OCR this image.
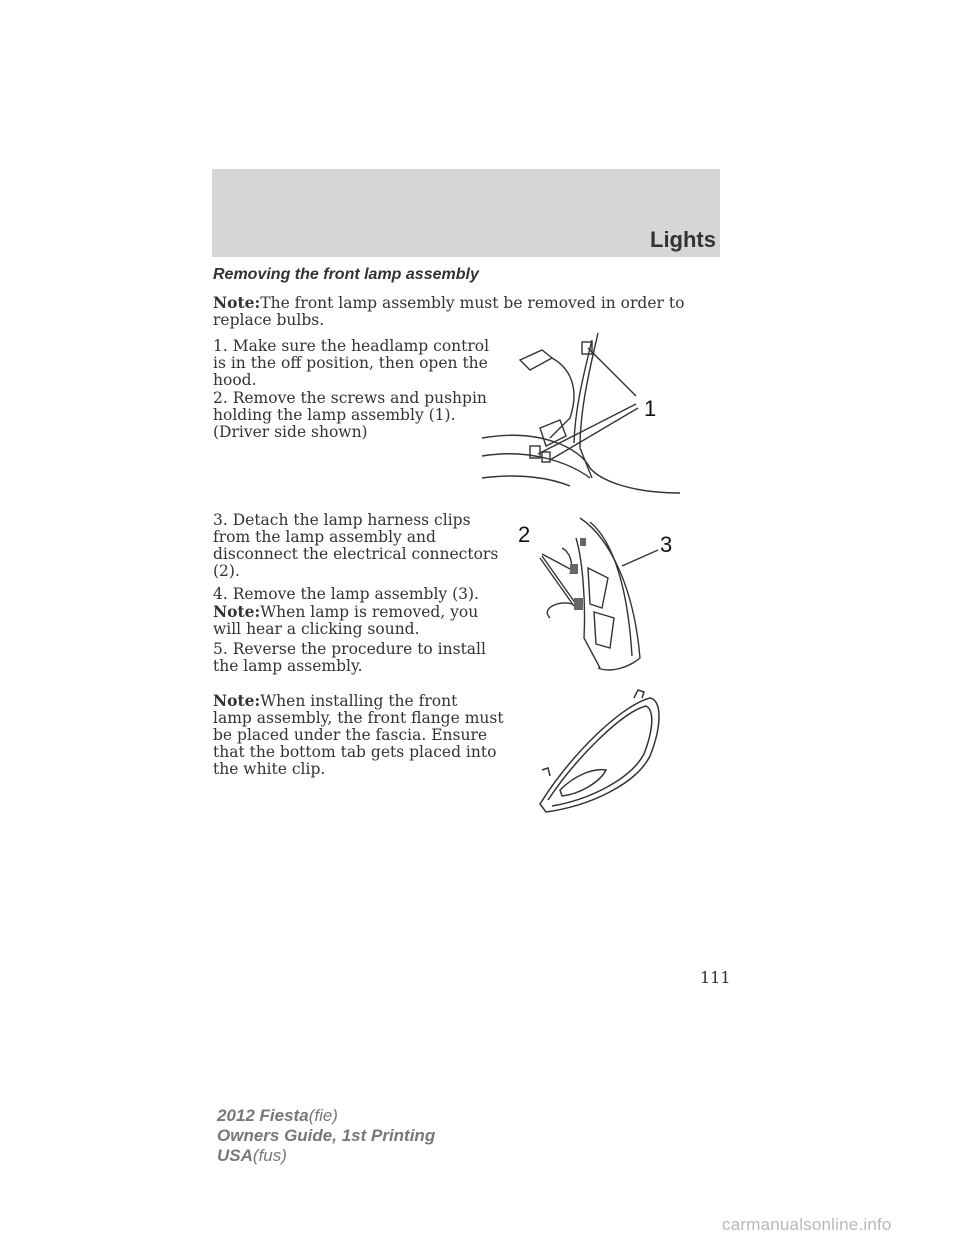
Lights
Removing the front lamp assembly
Note:The front lamp assembly must be removed in order to replace bulbs.
1. Make sure the headlamp control
is in the off position, then open the
hood.
2. Remove the screws and pushpin
holding the lamp assembly (1).
(Driver side shown)
3. Detach the lamp harness clips
from the lamp assembly and
disconnect the electrical connectors
(2).
4. Remove the lamp assembly (3).
Note:When lamp is removed, you
will hear a clicking sound.
5. Reverse the procedure to install
the lamp assembly.
Note:When installing the front
lamp assembly, the front flange must
be placed under the fascia. Ensure
that the bottom tab gets placed into
the white clip.
1
2	3
111
2012 Fiesta(fie)
Owners Guide, 1st Printing
USA(fus)
carmanualsonline.info
